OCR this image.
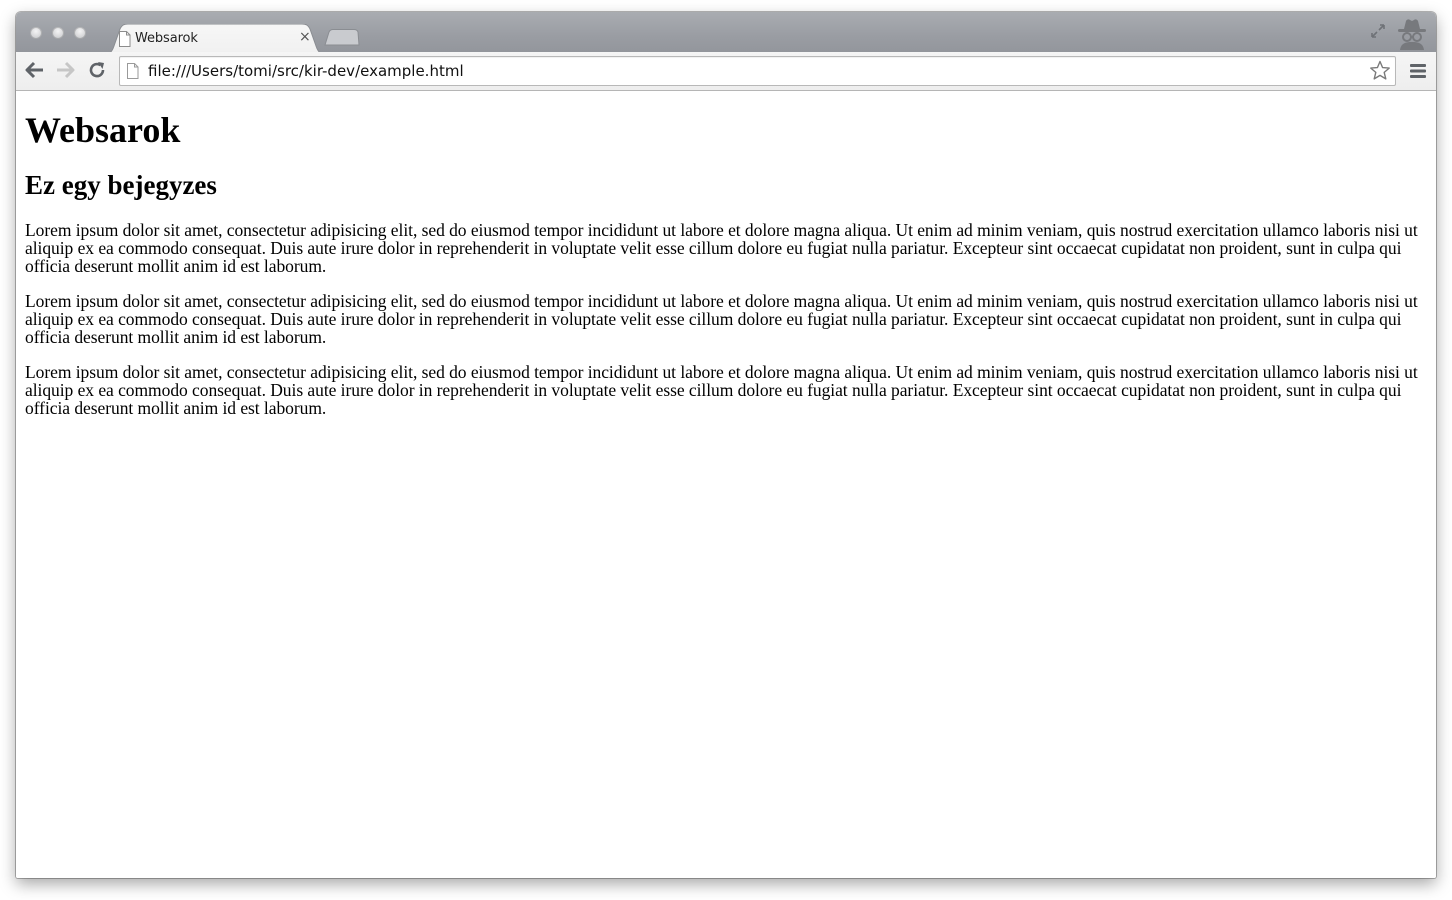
Websarok	×
file:///Users/tomi/src/kir-dev/example.html
Websarok
Ez egy bejegyzes

Lorem ipsum dolor sit amet, consectetur adipisicing elit, sed do eiusmod tempor incididunt ut labore et dolore magna aliqua. Ut enim ad minim veniam, quis nostrud exercitation ullamco laboris nisi ut aliquip ex ea commodo consequat. Duis aute irure dolor in reprehenderit in voluptate velit esse cillum dolore eu fugiat nulla pariatur. Excepteur sint occaecat cupidatat non proident, sunt in culpa qui officia deserunt mollit anim id est laborum.

Lorem ipsum dolor sit amet, consectetur adipisicing elit, sed do eiusmod tempor incididunt ut labore et dolore magna aliqua. Ut enim ad minim veniam, quis nostrud exercitation ullamco laboris nisi ut aliquip ex ea commodo consequat. Duis aute irure dolor in reprehenderit in voluptate velit esse cillum dolore eu fugiat nulla pariatur. Excepteur sint occaecat cupidatat non proident, sunt in culpa qui officia deserunt mollit anim id est laborum.

Lorem ipsum dolor sit amet, consectetur adipisicing elit, sed do eiusmod tempor incididunt ut labore et dolore magna aliqua. Ut enim ad minim veniam, quis nostrud exercitation ullamco laboris nisi ut aliquip ex ea commodo consequat. Duis aute irure dolor in reprehenderit in voluptate velit esse cillum dolore eu fugiat nulla pariatur. Excepteur sint occaecat cupidatat non proident, sunt in culpa qui officia deserunt mollit anim id est laborum.
